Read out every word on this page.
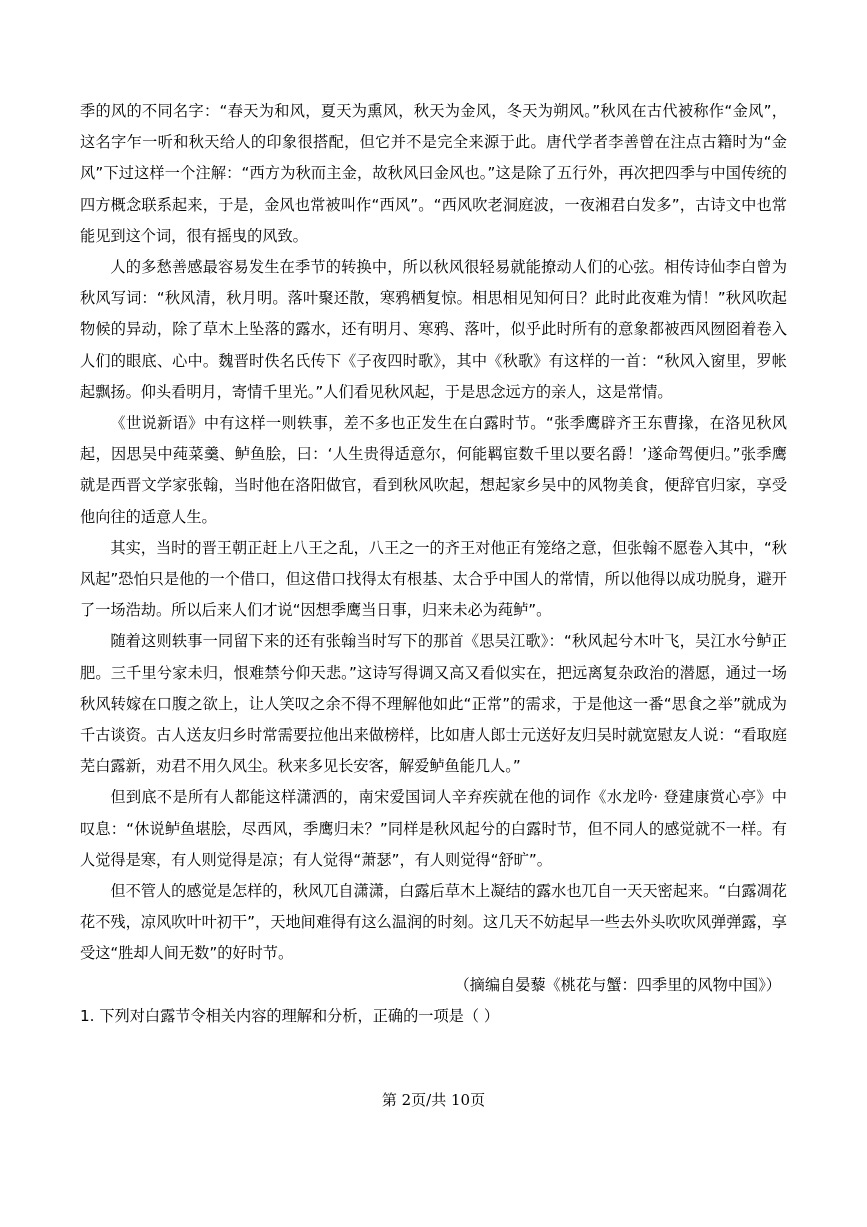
季的风的不同名字：“春天为和风，夏天为熏风，秋天为金风，冬天为朔风。”秋风在古代被称作“金风”，这名字乍一听和秋天给人的印象很搭配，但它并不是完全来源于此。唐代学者李善曾在注点古籍时为“金风”下过这样一个注解：“西方为秋而主金，故秋风曰金风也。”这是除了五行外，再次把四季与中国传统的四方概念联系起来，于是，金风也常被叫作“西风”。“西风吹老洞庭波，一夜湘君白发多”，古诗文中也常能见到这个词，很有摇曳的风致。

人的多愁善感最容易发生在季节的转换中，所以秋风很轻易就能撩动人们的心弦。相传诗仙李白曾为秋风写词：“秋风清，秋月明。落叶聚还散，寒鸦栖复惊。相思相见知何日？此时此夜难为情！”秋风吹起物候的异动，除了草木上坠落的露水，还有明月、寒鸦、落叶，似乎此时所有的意象都被西风囫囵着卷入人们的眼底、心中。魏晋时佚名氏传下《子夜四时歌》，其中《秋歌》有这样的一首：“秋风入窗里，罗帐起飘扬。仰头看明月，寄情千里光。”人们看见秋风起，于是思念远方的亲人，这是常情。

《世说新语》中有这样一则轶事，差不多也正发生在白露时节。“张季鹰辟齐王东曹掾，在洛见秋风起，因思吴中莼菜羹、鲈鱼脍，曰：‘人生贵得适意尔，何能羁宦数千里以要名爵！’遂命驾便归。”张季鹰就是西晋文学家张翰，当时他在洛阳做官，看到秋风吹起，想起家乡吴中的风物美食，便辞官归家，享受他向往的适意人生。

其实，当时的晋王朝正赶上八王之乱，八王之一的齐王对他正有笼络之意，但张翰不愿卷入其中，“秋风起”恐怕只是他的一个借口，但这借口找得太有根基、太合乎中国人的常情，所以他得以成功脱身，避开了一场浩劫。所以后来人们才说“因想季鹰当日事，归来未必为莼鲈”。

随着这则轶事一同留下来的还有张翰当时写下的那首《思吴江歌》：“秋风起兮木叶飞，吴江水兮鲈正肥。三千里兮家未归，恨难禁兮仰天悲。”这诗写得调又高又看似实在，把远离复杂政治的潜愿，通过一场秋风转嫁在口腹之欲上，让人笑叹之余不得不理解他如此“正常”的需求，于是他这一番“思食之举”就成为千古谈资。古人送友归乡时常需要拉他出来做榜样，比如唐人郎士元送好友归吴时就宽慰友人说：“看取庭芜白露新，劝君不用久风尘。秋来多见长安客，解爱鲈鱼能几人。”

但到底不是所有人都能这样潇洒的，南宋爱国词人辛弃疾就在他的词作《水龙吟· 登建康赏心亭》中叹息：“休说鲈鱼堪脍，尽西风，季鹰归未？”同样是秋风起兮的白露时节，但不同人的感觉就不一样。有人觉得是寒，有人则觉得是凉；有人觉得“萧瑟”，有人则觉得“舒旷”。

但不管人的感觉是怎样的，秋风兀自潇潇，白露后草木上凝结的露水也兀自一天天密起来。“白露凋花花不残，凉风吹叶叶初干”，天地间难得有这么温润的时刻。这几天不妨起早一些去外头吹吹风弹弹露，享受这“胜却人间无数”的好时节。

（摘编自晏藜《桃花与蟹：四季里的风物中国》）

1. 下列对白露节令相关内容的理解和分析，正确的一项是（ ）

第 2页/共 10页
